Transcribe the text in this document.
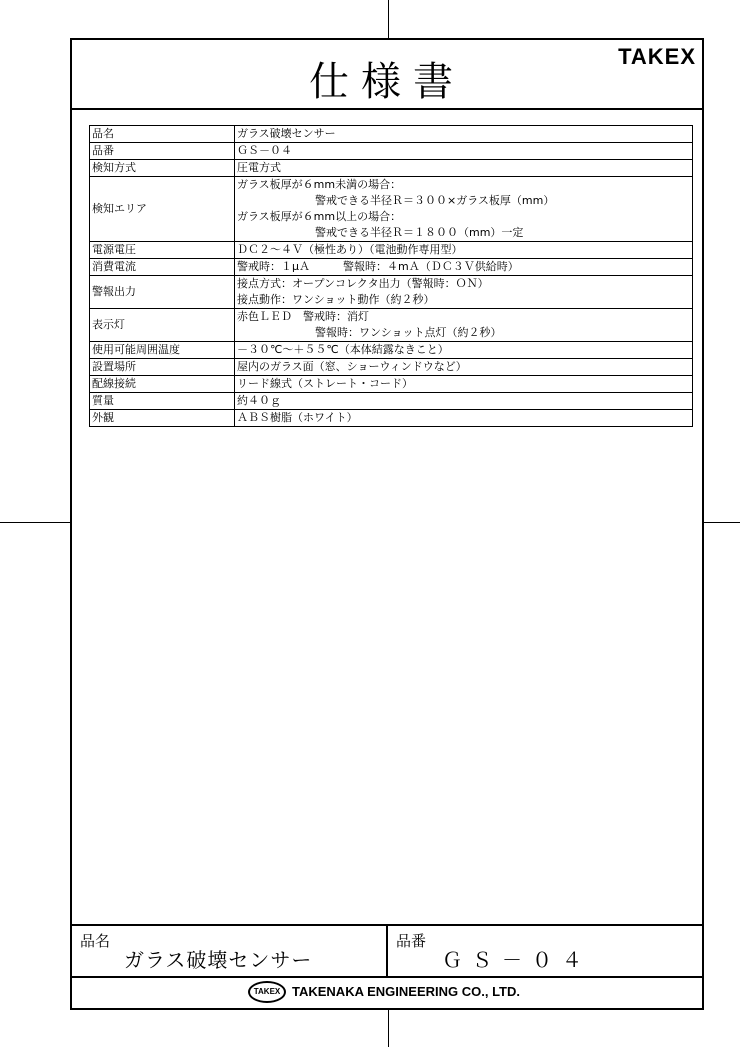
仕様書
TAKEX
品名	ガラス破壊センサー

品番	ＧＳ－０４

検知方式	圧電方式

検知エリア	ガラス板厚が６mm未満の場合：
警戒できる半径Ｒ＝３００×ガラス板厚（mm）
ガラス板厚が６mm以上の場合：
警戒できる半径Ｒ＝１８００（mm）一定

電源電圧	ＤＣ２～４Ｖ（極性あり）（電池動作専用型）

消費電流	警戒時：１μＡ　　　警報時：４mＡ（ＤＣ３Ｖ供給時）

警報出力	接点方式：オープンコレクタ出力（警報時：ＯＮ）
接点動作：ワンショット動作（約２秒）

表示灯	赤色ＬＥＤ　警戒時：消灯
警報時：ワンショット点灯（約２秒）

使用可能周囲温度	－３０℃～＋５５℃（本体結露なきこと）

設置場所	屋内のガラス面（窓、ショーウィンドウなど）

配線接続	リード線式（ストレート・コード）

質量	約４０ｇ

外観	ＡＢＳ樹脂（ホワイト）
品名
ガラス破壊センサー
品番
ＧＳ－０４
TAKEX TAKENAKA ENGINEERING CO., LTD.
